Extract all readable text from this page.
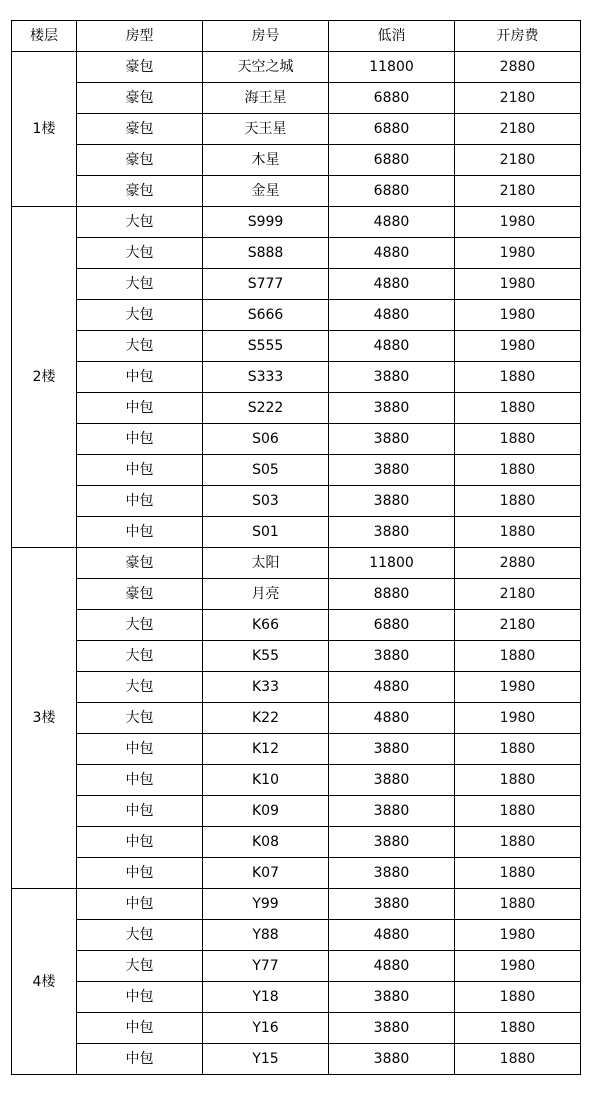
楼层	房型	房号	低消	开房费
1楼	豪包	天空之城	11800	2880
	豪包	海王星	6880	2180
	豪包	天王星	6880	2180
	豪包	木星	6880	2180
	豪包	金星	6880	2180
2楼	大包	S999	4880	1980
	大包	S888	4880	1980
	大包	S777	4880	1980
	大包	S666	4880	1980
	大包	S555	4880	1980
	中包	S333	3880	1880
	中包	S222	3880	1880
	中包	S06	3880	1880
	中包	S05	3880	1880
	中包	S03	3880	1880
	中包	S01	3880	1880
3楼	豪包	太阳	11800	2880
	豪包	月亮	8880	2180
	大包	K66	6880	2180
	大包	K55	3880	1880
	大包	K33	4880	1980
	大包	K22	4880	1980
	中包	K12	3880	1880
	中包	K10	3880	1880
	中包	K09	3880	1880
	中包	K08	3880	1880
	中包	K07	3880	1880
4楼	中包	Y99	3880	1880
	大包	Y88	4880	1980
	大包	Y77	4880	1980
	中包	Y18	3880	1880
	中包	Y16	3880	1880
	中包	Y15	3880	1880
